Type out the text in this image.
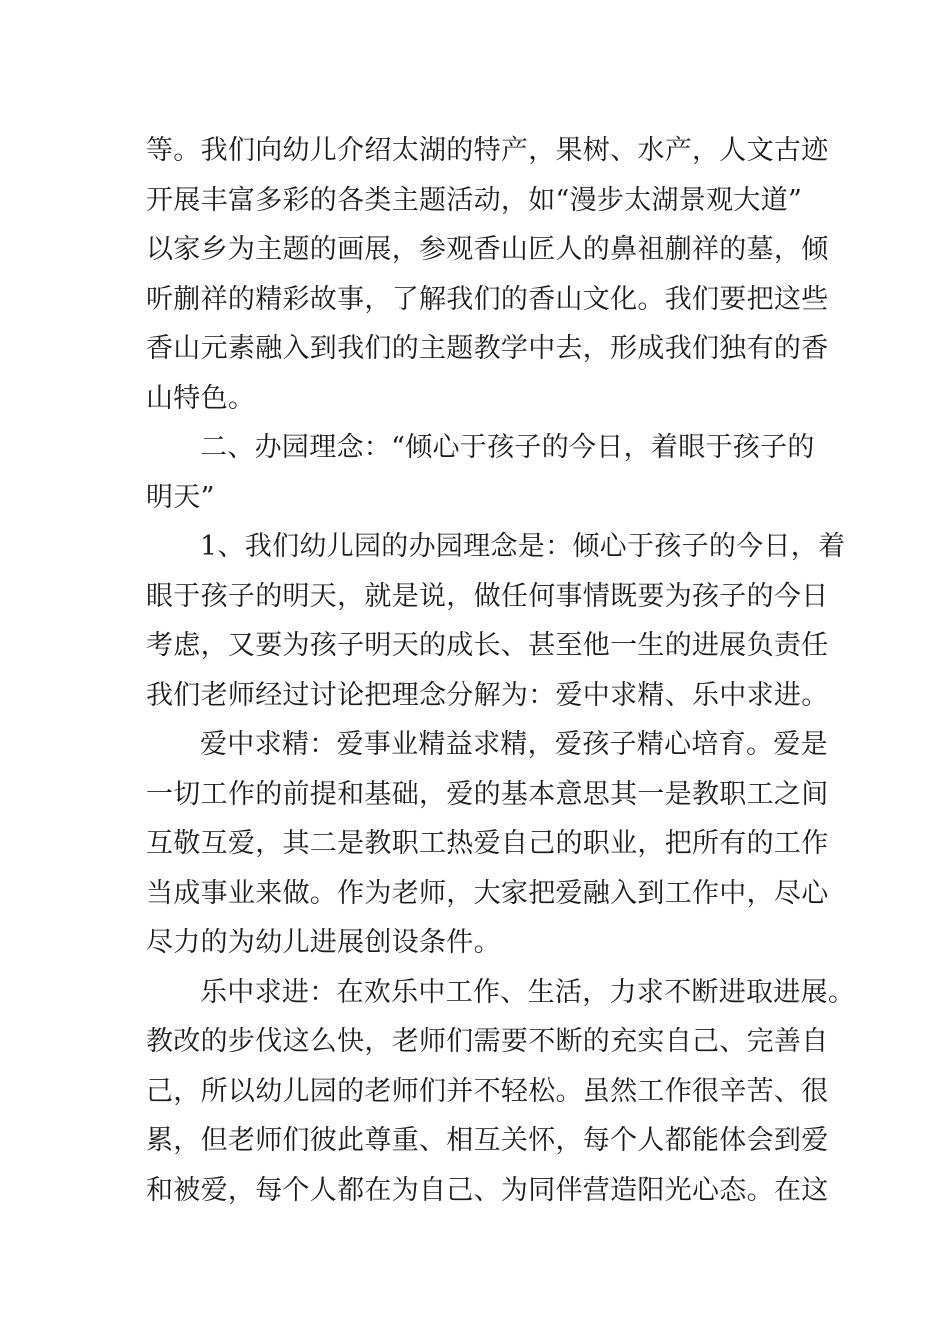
等。我们向幼儿介绍太湖的特产，果树、水产，人文古迹
开展丰富多彩的各类主题活动，如“漫步太湖景观大道”
以家乡为主题的画展，参观香山匠人的鼻祖蒯祥的墓，倾
听蒯祥的精彩故事，了解我们的香山文化。我们要把这些
香山元素融入到我们的主题教学中去，形成我们独有的香
山特色。
二、办园理念：“倾心于孩子的今日，着眼于孩子的
明天”
1、我们幼儿园的办园理念是：倾心于孩子的今日，着
眼于孩子的明天，就是说，做任何事情既要为孩子的今日
考虑，又要为孩子明天的成长、甚至他一生的进展负责任
我们老师经过讨论把理念分解为：爱中求精、乐中求进。
爱中求精：爱事业精益求精，爱孩子精心培育。爱是
一切工作的前提和基础，爱的基本意思其一是教职工之间
互敬互爱，其二是教职工热爱自己的职业，把所有的工作
当成事业来做。作为老师，大家把爱融入到工作中，尽心
尽力的为幼儿进展创设条件。
乐中求进：在欢乐中工作、生活，力求不断进取进展。
教改的步伐这么快，老师们需要不断的充实自己、完善自
己，所以幼儿园的老师们并不轻松。虽然工作很辛苦、很
累，但老师们彼此尊重、相互关怀，每个人都能体会到爱
和被爱，每个人都在为自己、为同伴营造阳光心态。在这
